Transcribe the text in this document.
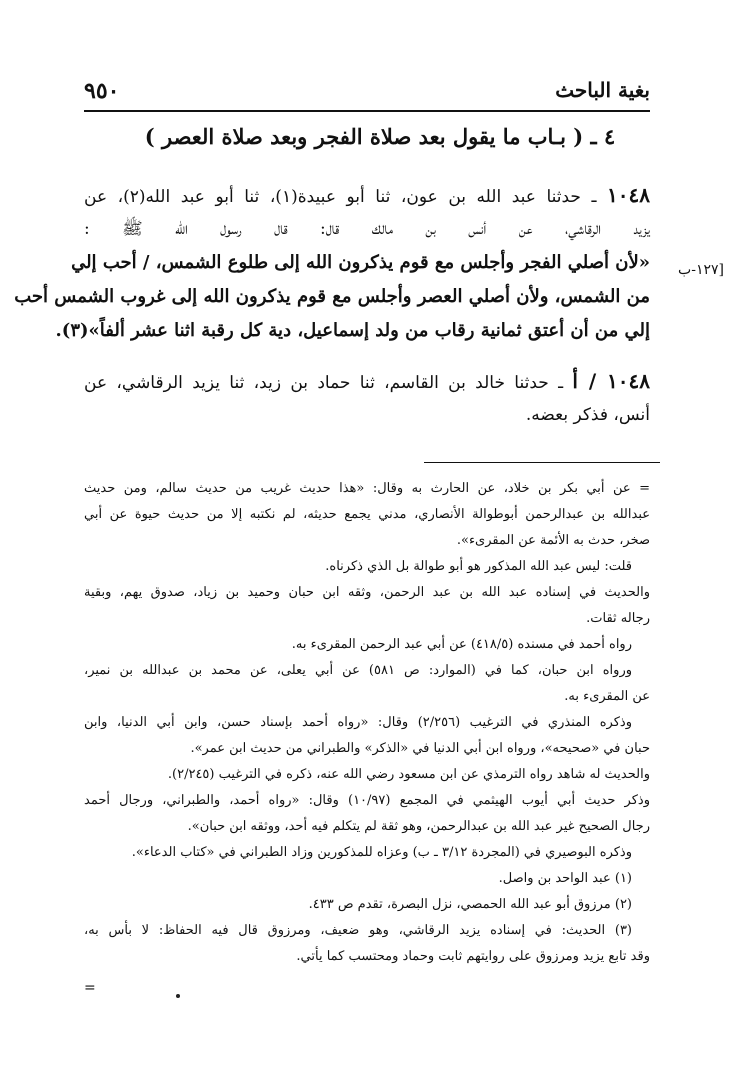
٩٥٠	بغية الباحث
٤ ـ ( بـاب ما يقول بعد صلاة الفجر وبعد صلاة العصر )
[١٢٧-ب
١٠٤٨ ـ حدثنا عبد الله بن عون، ثنا أبو عبيدة(١)، ثنا أبو عبد الله(٢)، عن
يزيد الرقاشي، عن أنس بن مالك قال: قال رسول الله ﷺ :
«لأن أصلي الفجر وأجلس مع قوم يذكرون الله إلى طلوع الشمس، / أحب إلي
من الشمس، ولأن أصلي العصر وأجلس مع قوم يذكرون الله إلى غروب الشمس أحب
إلي من أن أعتق ثمانية رقاب من ولد إسماعيل، دية كل رقبة اثنا عشر ألفاً»(٣).
١٠٤٨ / أ ـ حدثنا خالد بن القاسم، ثنا حماد بن زيد، ثنا يزيد الرقاشي، عن
أنس، فذكر بعضه.
= عن أبي بكر بن خلاد، عن الحارث به وقال: «هذا حديث غريب من حديث سالم، ومن حديث
عبدالله بن عبدالرحمن أبوطوالة الأنصاري، مدني يجمع حديثه، لم نكتبه إلا من حديث حيوة عن أبي
صخر، حدث به الأئمة عن المقرىء».
قلت: ليس عبد الله المذكور هو أبو طوالة بل الذي ذكرناه.
والحديث في إسناده عبد الله بن عبد الرحمن، وثقه ابن حبان وحميد بن زياد، صدوق يهم، وبقية
رجاله ثقات.
رواه أحمد في مسنده (٤١٨/٥) عن أبي عبد الرحمن المقرىء به.
ورواه ابن حبان، كما في (الموارد: ص ٥٨١) عن أبي يعلى، عن محمد بن عبدالله بن نمير،
عن المقرىء به.
وذكره المنذري في الترغيب (٢/٢٥٦) وقال: «رواه أحمد بإسناد حسن، وابن أبي الدنيا، وابن
حبان في «صحيحه»، ورواه ابن أبي الدنيا في «الذكر» والطبراني من حديث ابن عمر».
والحديث له شاهد رواه الترمذي عن ابن مسعود رضي الله عنه، ذكره في الترغيب (٢/٢٤٥).
وذكر حديث أبي أيوب الهيثمي في المجمع (١٠/٩٧) وقال: «رواه أحمد، والطبراني، ورجال أحمد
رجال الصحيح غير عبد الله بن عبدالرحمن، وهو ثقة لم يتكلم فيه أحد، ووثقه ابن حبان».
وذكره البوصيري في (المجردة ٣/١٢ ـ ب) وعزاه للمذكورين وزاد الطبراني في «كتاب الدعاء».
(١) عبد الواحد بن واصل.
(٢) مرزوق أبو عبد الله الحمصي، نزل البصرة، تقدم ص ٤٣٣.
(٣) الحديث: في إسناده يزيد الرقاشي، وهو ضعيف، ومرزوق قال فيه الحفاظ: لا بأس به،
وقد تابع يزيد ومرزوق على روايتهم ثابت وحماد ومحتسب كما يأتي.
=
